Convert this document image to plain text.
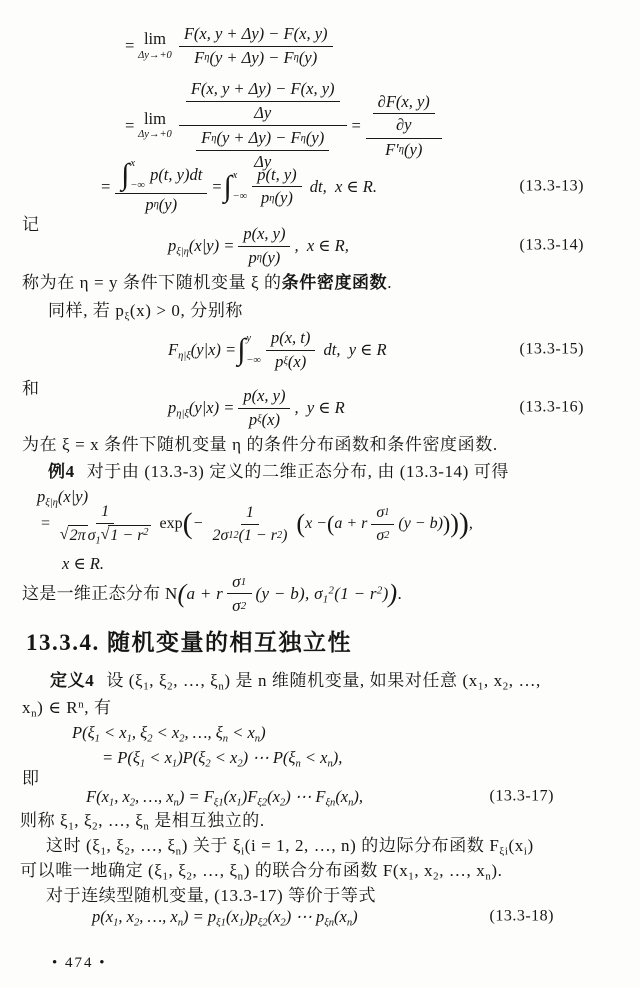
= lim
$\Delta y\to+0 \frac{F(x, y + \Delta y) - F(x, y)}{\text{F η (y + Δy) − F η (y)}}$
= lim
$\Delta y\to+0 \frac{\frac{F(x, y + \Delta y) - F(x, y)}{\Delta y}}{\frac{\text{F η (y + Δy) − F η (y)}}{\Delta y}} = \frac{\frac{\partial F(x, y)}{\partial y}}{F' \eta (y)}$
= ∫ x
−∞
p(t, y)dt
p η (y)
= ∫ x
−∞ $\frac{p(t, y)}{\text{p η (y)}}$ dt,  x ∈ R.	(13.3-13)
记
$p_{\xi|\eta}(x|y) = \frac{p(x, y)}{\text{p η (y)}}$ ,  x ∈ R,	(13.3-14)
称为在 η = y 条件下随机变量 ξ 的条件密度函数.
同样, 若 $p_\xi(x) > 0$, 分别称
$F_{\eta|\xi}(y|x)$ = ∫ y
−∞ $\frac{p(x, t)}{\text{p ξ (x)}}$ dt,  y ∈ R	(13.3-15)
和
$p_{\eta|\xi}(y|x) = \frac{p(x, y)}{\text{p ξ (x)}}$ ,  y ∈ R	(13.3-16)
为在 ξ = x 条件下随机变量 η 的条件分布函数和条件密度函数.
例4 对于由 (13.3-3) 定义的二维正态分布, 由 (13.3-14) 可得
$p_{\xi|\eta}(x|y)$
= $\frac{1}{√ 2\pi \sigma_1 √ 1 - r^2}$ exp ( − $\frac{1}{2\sigma 1 2 (1 - r 2 )}$ ( x − ( a + r $\frac{\sigma 1}{\sigma 2} (y - b)$ ) ) ) ,
x ∈ R.
这是一维正态分布 N ( a + r $\frac{\sigma 1}{\sigma 2} (y - b)$, $\sigma_1^2(1 - r^2)$ ) .
13.3.4. 随机变量的相互独立性
定义4 设 ($\xi_1$, $\xi_2$, …, $\xi_n$) 是 n 维随机变量, 如果对任意 ($x_1$, $x_2$, …,
$x_n$) ∈ $R^n$, 有
$P(\xi_1 < x_1$, $\xi_2 < x_2$, …, $\xi_n < x_n$)
= $P(\xi_1 < x_1)P(\xi_2 < x_2)$ ⋯ $P(\xi_n < x_n)$,
即
$F(x_1$, $x_2$, …, $x_n) = F_{\xi 1}(x_1)F_{\xi 2}(x_2)$ ⋯ $F_{\xi n}(x_n)$,	(13.3-17)
则称 $\xi_1$, $\xi_2$, …, $\xi_n$ 是相互独立的.
这时 ($\xi_1$, $\xi_2$, …, $\xi_n$) 关于 $\xi_i(i = 1$, 2, …, n) 的边际分布函数 $F_{\xi i}(x_i)$
可以唯一地确定 ($\xi_1$, $\xi_2$, …, $\xi_n$) 的联合分布函数 $F(x_1$, $x_2$, …, $x_n$).
对于连续型随机变量, (13.3-17) 等价于等式
$p(x_1$, $x_2$, …, $x_n) = p_{\xi 1}(x_1)p_{\xi 2}(x_2)$ ⋯ $p_{\xi n}(x_n)$	(13.3-18)
• 474 •
